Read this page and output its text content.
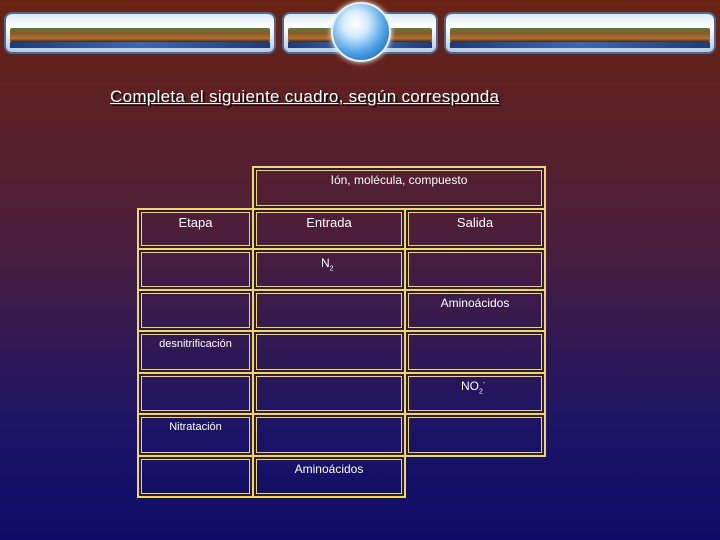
Completa el siguiente cuadro, según corresponda
Ión, molécula, compuesto
Etapa	Entrada	Salida
$N_2$
Aminoácidos
desnitrificación
$NO_2^-$
Nitratación
Aminoácidos
